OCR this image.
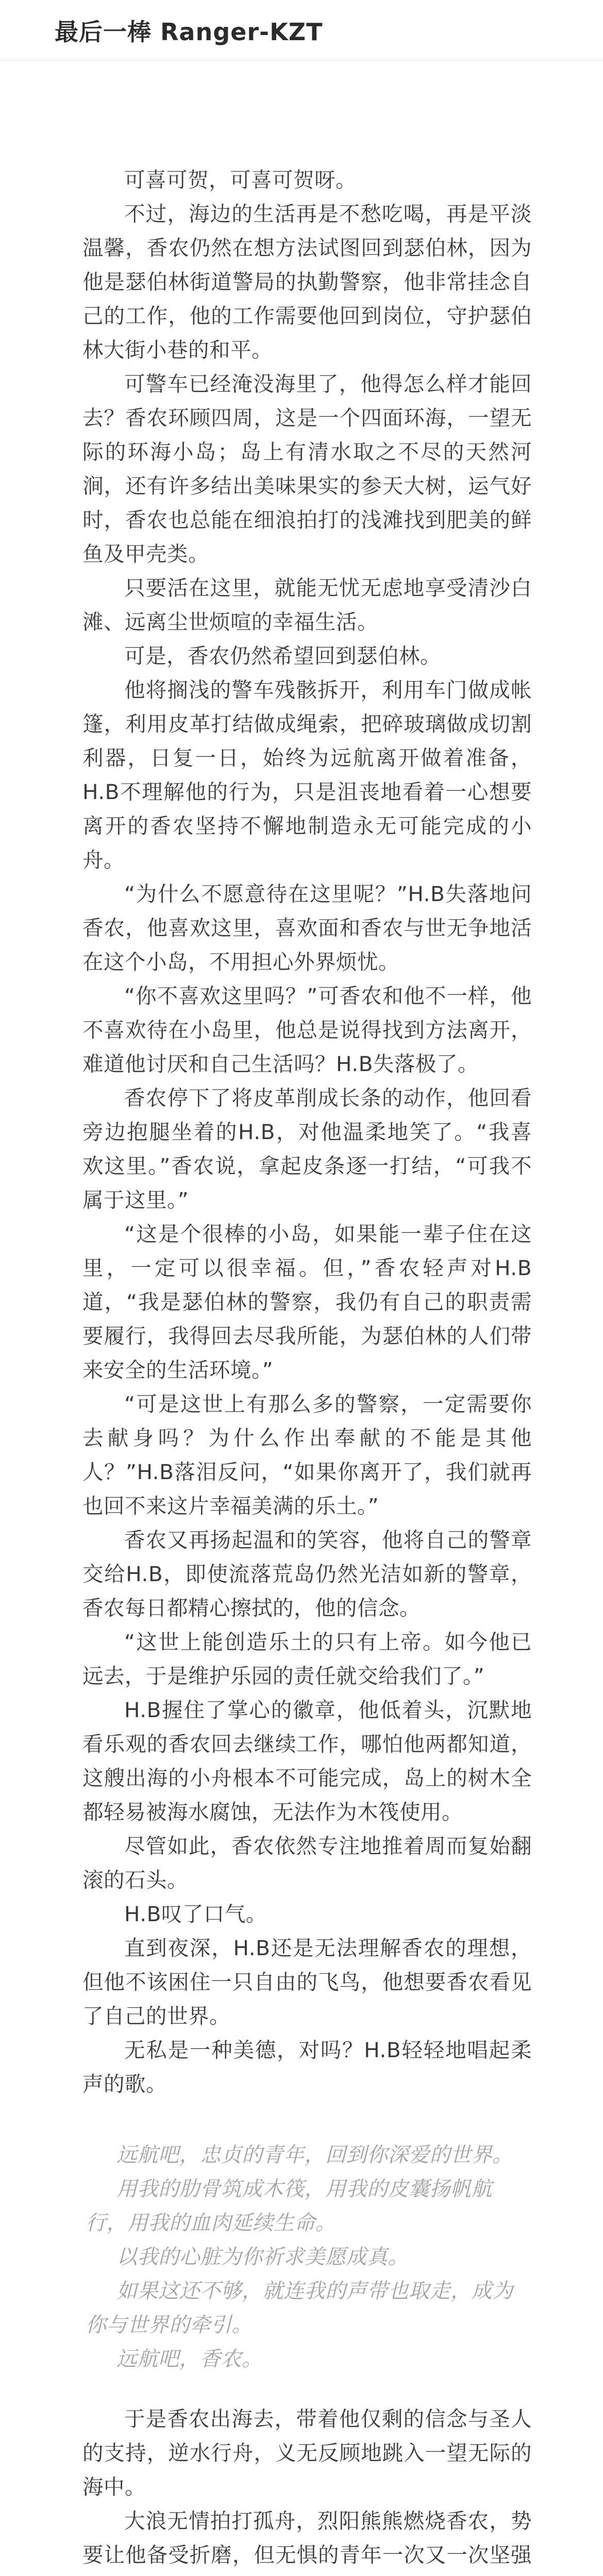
最后一棒 Ranger-KZT

可喜可贺，可喜可贺呀。

不过，海边的生活再是不愁吃喝，再是平淡温馨，香农仍然在想方法试图回到瑟伯林，因为他是瑟伯林街道警局的执勤警察，他非常挂念自己的工作，他的工作需要他回到岗位，守护瑟伯林大街小巷的和平。

可警车已经淹没海里了，他得怎么样才能回去？香农环顾四周，这是一个四面环海，一望无际的环海小岛；岛上有清水取之不尽的天然河涧，还有许多结出美味果实的参天大树，运气好时，香农也总能在细浪拍打的浅滩找到肥美的鲜鱼及甲壳类。

只要活在这里，就能无忧无虑地享受清沙白滩、远离尘世烦喧的幸福生活。

可是，香农仍然希望回到瑟伯林。

他将搁浅的警车残骸拆开，利用车门做成帐篷，利用皮革打结做成绳索，把碎玻璃做成切割利器，日复一日，始终为远航离开做着准备，H.B不理解他的行为，只是沮丧地看着一心想要离开的香农坚持不懈地制造永无可能完成的小舟。

“为什么不愿意待在这里呢？”H.B失落地问香农，他喜欢这里，喜欢面和香农与世无争地活在这个小岛，不用担心外界烦忧。

“你不喜欢这里吗？”可香农和他不一样，他不喜欢待在小岛里，他总是说得找到方法离开，难道他讨厌和自己生活吗？H.B失落极了。

香农停下了将皮革削成长条的动作，他回看旁边抱腿坐着的H.B，对他温柔地笑了。“我喜欢这里。”香农说，拿起皮条逐一打结，“可我不属于这里。”

“这是个很棒的小岛，如果能一辈子住在这里，一定可以很幸福。但，”香农轻声对H.B道，“我是瑟伯林的警察，我仍有自己的职责需要履行，我得回去尽我所能，为瑟伯林的人们带来安全的生活环境。”

“可是这世上有那么多的警察，一定需要你去献身吗？为什么作出奉献的不能是其他人？”H.B落泪反问，“如果你离开了，我们就再也回不来这片幸福美满的乐土。”

香农又再扬起温和的笑容，他将自己的警章交给H.B，即使流落荒岛仍然光洁如新的警章，香农每日都精心擦拭的，他的信念。

“这世上能创造乐土的只有上帝。如今他已远去，于是维护乐园的责任就交给我们了。”

H.B握住了掌心的徽章，他低着头，沉默地看乐观的香农回去继续工作，哪怕他两都知道，这艘出海的小舟根本不可能完成，岛上的树木全都轻易被海水腐蚀，无法作为木筏使用。

尽管如此，香农依然专注地推着周而复始翻滚的石头。

H.B叹了口气。

直到夜深，H.B还是无法理解香农的理想，但他不该困住一只自由的飞鸟，他想要香农看见了自己的世界。

无私是一种美德，对吗？H.B轻轻地唱起柔声的歌。

远航吧，忠贞的青年，回到你深爱的世界。

用我的肋骨筑成木筏，用我的皮囊扬帆航行，用我的血肉延续生命。

以我的心脏为你祈求美愿成真。

如果这还不够，就连我的声带也取走，成为你与世界的牵引。

远航吧，香农。

于是香农出海去，带着他仅剩的信念与圣人的支持，逆水行舟，义无反顾地跳入一望无际的海中。

大浪无情拍打孤舟，烈阳熊熊燃烧香农，势要让他备受折磨，但无惧的青年一次又一次坚强
